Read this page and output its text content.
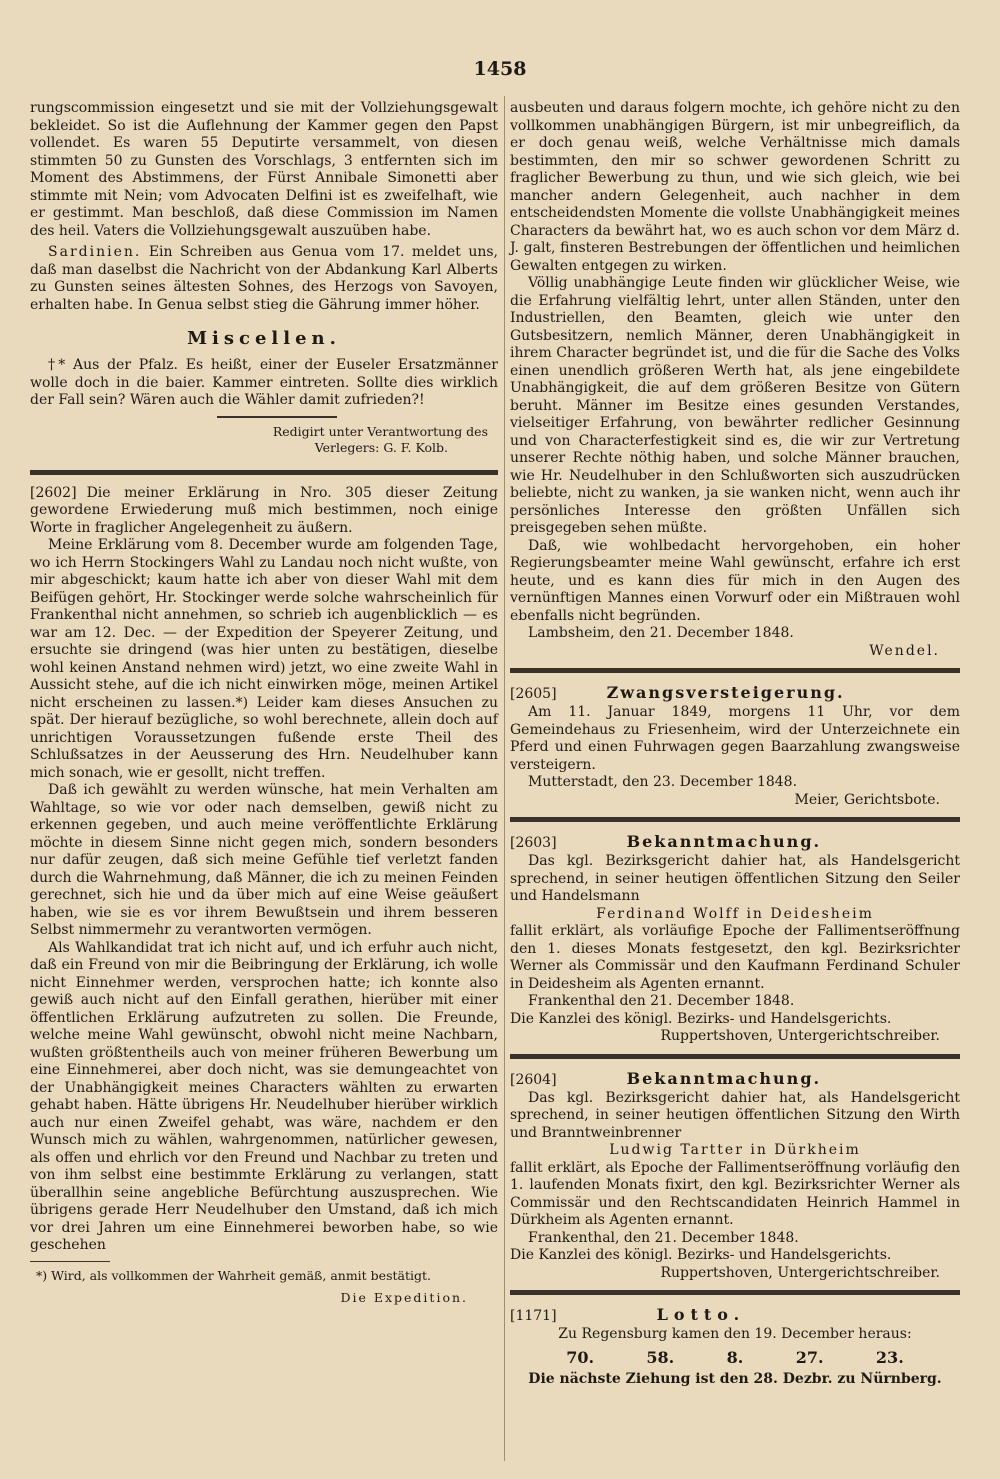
1458

rungscommission eingesetzt und sie mit der Vollziehungsgewalt bekleidet. So ist die Auflehnung der Kammer gegen den Papst vollendet. Es waren 55 Deputirte versammelt, von diesen stimmten 50 zu Gunsten des Vorschlags, 3 entfernten sich im Moment des Abstimmens, der Fürst Annibale Simonetti aber stimmte mit Nein; vom Advocaten Delfini ist es zweifelhaft, wie er gestimmt. Man beschloß, daß diese Commission im Namen des heil. Vaters die Vollziehungsgewalt auszuüben habe.

Sardinien. Ein Schreiben aus Genua vom 17. meldet uns, daß man daselbst die Nachricht von der Abdankung Karl Alberts zu Gunsten seines ältesten Sohnes, des Herzogs von Savoyen, erhalten habe. In Genua selbst stieg die Gährung immer höher.

Miscellen.

†* Aus der Pfalz. Es heißt, einer der Euseler Ersatzmänner wolle doch in die baier. Kammer eintreten. Sollte dies wirklich der Fall sein? Wären auch die Wähler damit zufrieden?!

Redigirt unter Verantwortung des

Verlegers: G. F. Kolb.

[2602] Die meiner Erklärung in Nro. 305 dieser Zeitung gewordene Erwiederung muß mich bestimmen, noch einige Worte in fraglicher Angelegenheit zu äußern.

Meine Erklärung vom 8. December wurde am folgenden Tage, wo ich Herrn Stockingers Wahl zu Landau noch nicht wußte, von mir abgeschickt; kaum hatte ich aber von dieser Wahl mit dem Beifügen gehört, Hr. Stockinger werde solche wahrscheinlich für Frankenthal nicht annehmen, so schrieb ich augenblicklich — es war am 12. Dec. — der Expedition der Speyerer Zeitung, und ersuchte sie dringend (was hier unten zu bestätigen, dieselbe wohl keinen Anstand nehmen wird) jetzt, wo eine zweite Wahl in Aussicht stehe, auf die ich nicht einwirken möge, meinen Artikel nicht erscheinen zu lassen.*) Leider kam dieses Ansuchen zu spät. Der hierauf bezügliche, so wohl berechnete, allein doch auf unrichtigen Voraussetzungen fußende erste Theil des Schlußsatzes in der Aeusserung des Hrn. Neudelhuber kann mich sonach, wie er gesollt, nicht treffen.

Daß ich gewählt zu werden wünsche, hat mein Verhalten am Wahltage, so wie vor oder nach demselben, gewiß nicht zu erkennen gegeben, und auch meine veröffentlichte Erklärung möchte in diesem Sinne nicht gegen mich, sondern besonders nur dafür zeugen, daß sich meine Gefühle tief verletzt fanden durch die Wahrnehmung, daß Männer, die ich zu meinen Feinden gerechnet, sich hie und da über mich auf eine Weise geäußert haben, wie sie es vor ihrem Bewußtsein und ihrem besseren Selbst nimmermehr zu verantworten vermögen.

Als Wahlkandidat trat ich nicht auf, und ich erfuhr auch nicht, daß ein Freund von mir die Beibringung der Erklärung, ich wolle nicht Einnehmer werden, versprochen hatte; ich konnte also gewiß auch nicht auf den Einfall gerathen, hierüber mit einer öffentlichen Erklärung aufzutreten zu sollen. Die Freunde, welche meine Wahl gewünscht, obwohl nicht meine Nachbarn, wußten größtentheils auch von meiner früheren Bewerbung um eine Einnehmerei, aber doch nicht, was sie demungeachtet von der Unabhängigkeit meines Characters wählten zu erwarten gehabt haben. Hätte übrigens Hr. Neudelhuber hierüber wirklich auch nur einen Zweifel gehabt, was wäre, nachdem er den Wunsch mich zu wählen, wahrgenommen, natürlicher gewesen, als offen und ehrlich vor den Freund und Nachbar zu treten und von ihm selbst eine bestimmte Erklärung zu verlangen, statt überallhin seine angebliche Befürchtung auszusprechen. Wie übrigens gerade Herr Neudelhuber den Umstand, daß ich mich vor drei Jahren um eine Einnehmerei beworben habe, so wie geschehen

*) Wird, als vollkommen der Wahrheit gemäß, anmit bestätigt.

Die Expedition.

ausbeuten und daraus folgern mochte, ich gehöre nicht zu den vollkommen unabhängigen Bürgern, ist mir unbegreiflich, da er doch genau weiß, welche Verhältnisse mich damals bestimmten, den mir so schwer gewordenen Schritt zu fraglicher Bewerbung zu thun, und wie sich gleich, wie bei mancher andern Gelegenheit, auch nachher in dem entscheidendsten Momente die vollste Unabhängigkeit meines Characters da bewährt hat, wo es auch schon vor dem März d. J. galt, finsteren Bestrebungen der öffentlichen und heimlichen Gewalten entgegen zu wirken.

Völlig unabhängige Leute finden wir glücklicher Weise, wie die Erfahrung vielfältig lehrt, unter allen Ständen, unter den Industriellen, den Beamten, gleich wie unter den Gutsbesitzern, nemlich Männer, deren Unabhängigkeit in ihrem Character begründet ist, und die für die Sache des Volks einen unendlich größeren Werth hat, als jene eingebildete Unabhängigkeit, die auf dem größeren Besitze von Gütern beruht. Männer im Besitze eines gesunden Verstandes, vielseitiger Erfahrung, von bewährter redlicher Gesinnung und von Characterfestigkeit sind es, die wir zur Vertretung unserer Rechte nöthig haben, und solche Männer brauchen, wie Hr. Neudelhuber in den Schlußworten sich auszudrücken beliebte, nicht zu wanken, ja sie wanken nicht, wenn auch ihr persönliches Interesse den größten Unfällen sich preisgegeben sehen müßte.

Daß, wie wohlbedacht hervorgehoben, ein hoher Regierungsbeamter meine Wahl gewünscht, erfahre ich erst heute, und es kann dies für mich in den Augen des vernünftigen Mannes einen Vorwurf oder ein Mißtrauen wohl ebenfalls nicht begründen.

Lambsheim, den 21. December 1848.

Wendel.

[2605]	Zwangsversteigerung.

Am 11. Januar 1849, morgens 11 Uhr, vor dem Gemeindehaus zu Friesenheim, wird der Unterzeichnete ein Pferd und einen Fuhrwagen gegen Baarzahlung zwangsweise versteigern.

Mutterstadt, den 23. December 1848.

Meier, Gerichtsbote.

[2603]	Bekanntmachung.

Das kgl. Bezirksgericht dahier hat, als Handelsgericht sprechend, in seiner heutigen öffentlichen Sitzung den Seiler und Handelsmann

Ferdinand Wolff in Deidesheim

fallit erklärt, als vorläufige Epoche der Fallimentseröffnung den 1. dieses Monats festgesetzt, den kgl. Bezirksrichter Werner als Commissär und den Kaufmann Ferdinand Schuler in Deidesheim als Agenten ernannt.

Frankenthal den 21. December 1848.

Die Kanzlei des königl. Bezirks- und Handelsgerichts.

Ruppertshoven, Untergerichtschreiber.

[2604]	Bekanntmachung.

Das kgl. Bezirksgericht dahier hat, als Handelsgericht sprechend, in seiner heutigen öffentlichen Sitzung den Wirth und Branntweinbrenner

Ludwig Tartter in Dürkheim

fallit erklärt, als Epoche der Fallimentseröffnung vorläufig den 1. laufenden Monats fixirt, den kgl. Bezirksrichter Werner als Commissär und den Rechtscandidaten Heinrich Hammel in Dürkheim als Agenten ernannt.

Frankenthal, den 21. December 1848.

Die Kanzlei des königl. Bezirks- und Handelsgerichts.

Ruppertshoven, Untergerichtschreiber.

[1171]	Lotto.

Zu Regensburg kamen den 19. December heraus:

70.	58.	8.	27.	23.

Die nächste Ziehung ist den 28. Dezbr. zu Nürnberg.
